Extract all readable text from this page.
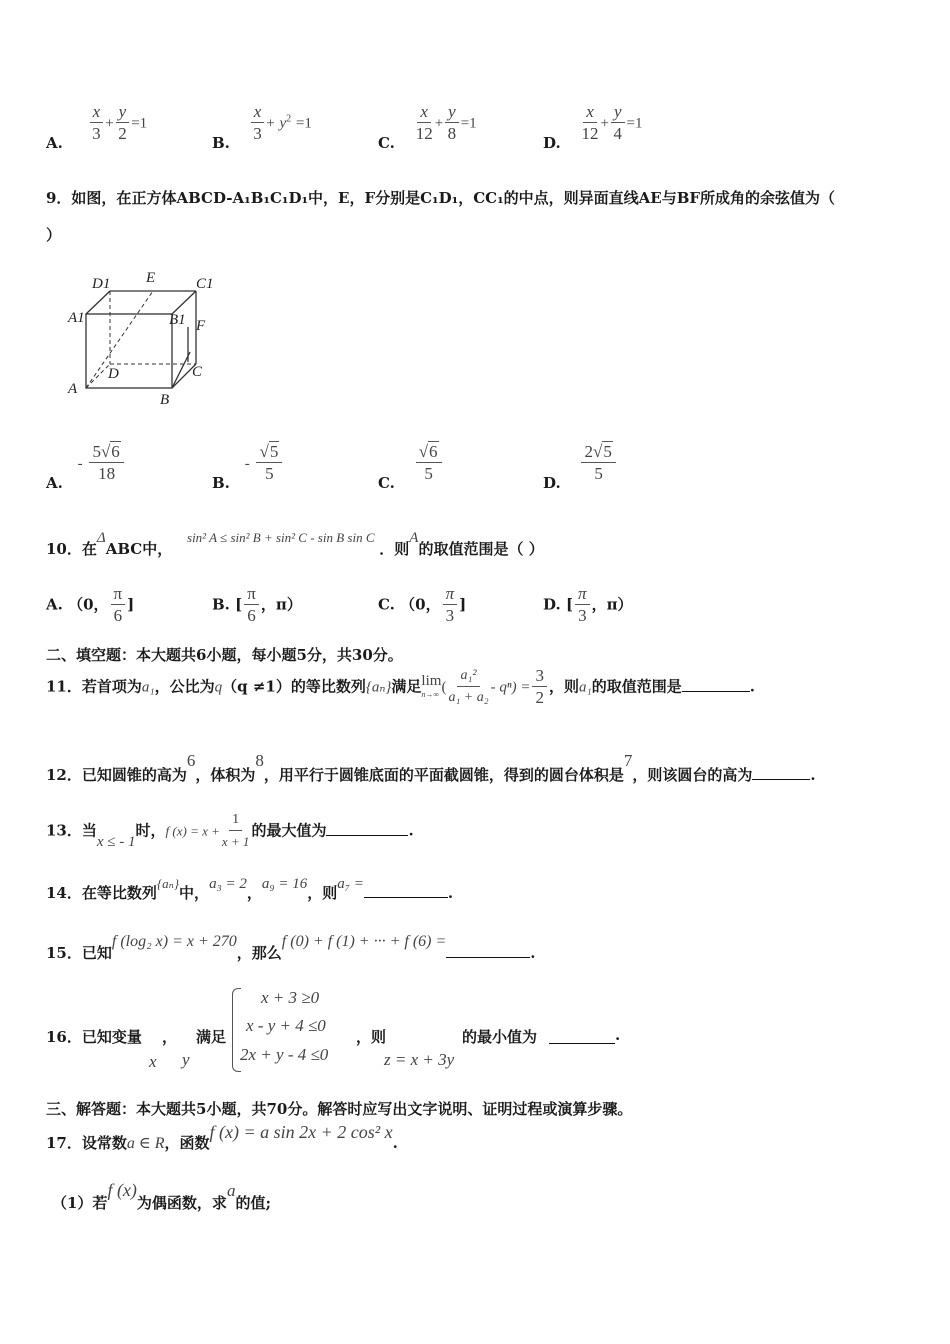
A. $\frac{x}{3} + \frac{y}{2} =1$
B. $\frac{x}{3} + y^2 =1$
C. $\frac{x}{12} + \frac{y}{8} =1$
D. $\frac{x}{12} + \frac{y}{4} =1$
9．如图，在正方体ABCD-A₁B₁C₁D₁中，E，F分别是C₁D₁，CC₁的中点，则异面直线AE与BF所成角的余弦值为（
）
D1 E	C1
A1	B1 F
D	C
A
B
A. - $\frac{5√6}{18}$	B. - $\frac{√5}{5}$	C. $\frac{√6}{5}$	D. $\frac{2√5}{5}$
10．在ΔABC中， sin² A ≤ sin² B + sin² C - sin B sin C ．则A的取值范围是（ ）
A. （0， $\frac{\pi}{6}$ ]	B. [ $\frac{\pi}{6}$ ，π）	C. （0， $\frac{\pi}{3}$ ]	D. [ $\frac{\pi}{3}$ ，π）
二、填空题：本大题共6小题，每小题5分，共30分。
11．若首项为a₁，公比为q（q ≠1）的等比数列{aₙ}满足 lim
n→∞ ( $\frac{\text{a₁²}}{\text{a₁ + a₂}} - q^n) = \frac{3}{2}$ ，则a₁的取值范围是	.
12．已知圆锥的高为6，体积为8，用平行于圆锥底面的平面截圆锥，得到的圆台体积是7，则该圆台的高为	.
13．当x ≤ - 1时，f $(x) = x + \frac{1}{x + 1}$ 的最大值为	.
14．在等比数列{aₙ}中，a₃ = 2，a₉ = 16，则a₇ =	.
15．已知f (log₂ x) = x + 270，那么f (0) + f (1) + ··· + f (6) =.
16．已知变量 ， 满足
x y
x + 3 ≥0
x - y + 4 ≤0
2x + y - 4 ≤0
，则
z = x + 3y
的最小值为	.
三、解答题：本大题共5小题，共70分。解答时应写出文字说明、证明过程或演算步骤。
17．设常数a ∈ R，函数f (x) = a sin 2x + 2 cos² x.
（1）若f (x)为偶函数，求a的值;
